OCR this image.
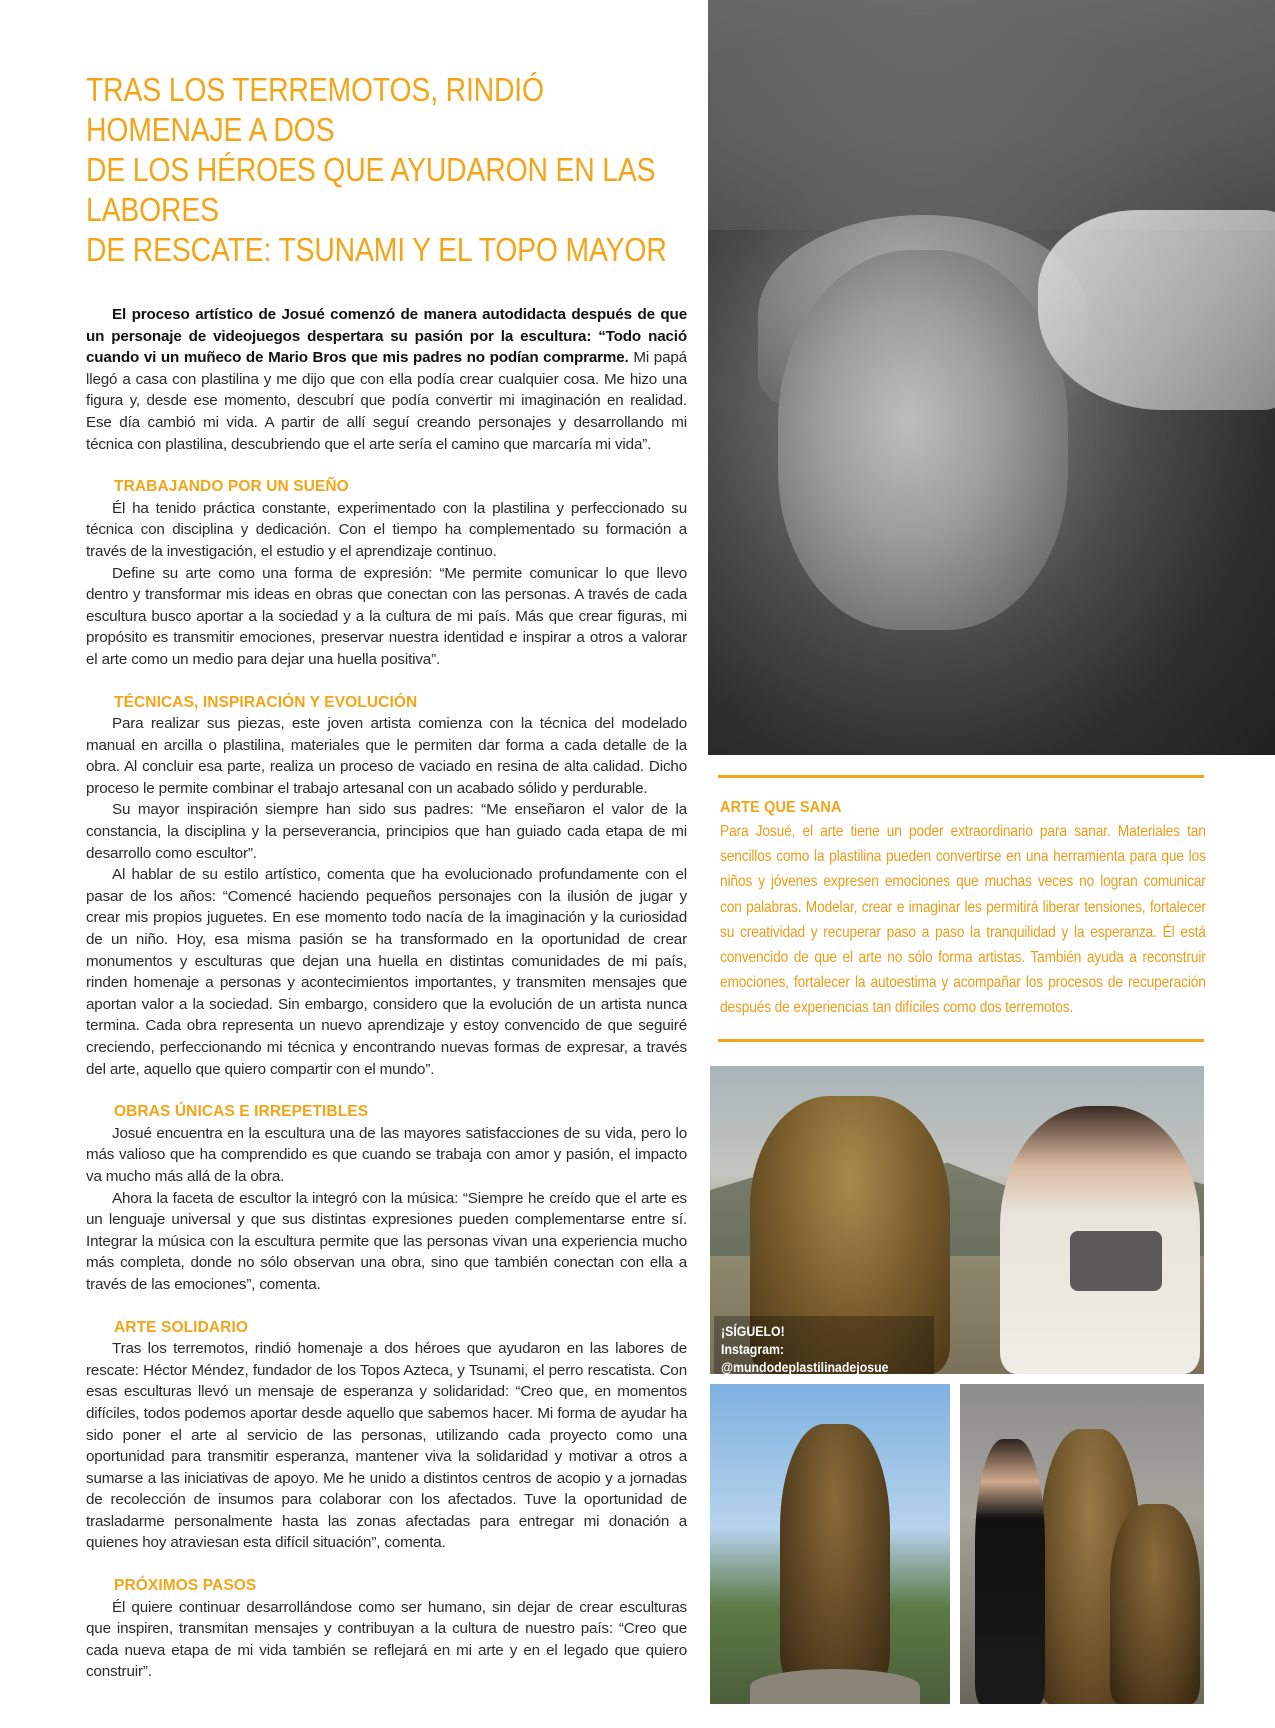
TRAS LOS TERREMOTOS, RINDIÓ HOMENAJE A DOS
DE LOS HÉROES QUE AYUDARON EN LAS LABORES
DE RESCATE: TSUNAMI Y EL TOPO MAYOR

El proceso artístico de Josué comenzó de manera autodidacta después de que un personaje de videojuegos despertara su pasión por la escultura: “Todo nació cuando vi un muñeco de Mario Bros que mis padres no podían comprarme. Mi papá llegó a casa con plastilina y me dijo que con ella podía crear cualquier cosa. Me hizo una figura y, desde ese momento, descubrí que podía convertir mi imaginación en realidad. Ese día cambió mi vida. A partir de allí seguí creando personajes y desarrollando mi técnica con plastilina, descubriendo que el arte sería el camino que marcaría mi vida”.

TRABAJANDO POR UN SUEÑO

Él ha tenido práctica constante, experimentado con la plastilina y perfeccionado su técnica con disciplina y dedicación. Con el tiempo ha complementado su formación a través de la investigación, el estudio y el aprendizaje continuo.

Define su arte como una forma de expresión: “Me permite comunicar lo que llevo dentro y transformar mis ideas en obras que conectan con las personas. A través de cada escultura busco aportar a la sociedad y a la cultura de mi país. Más que crear figuras, mi propósito es transmitir emociones, preservar nuestra identidad e inspirar a otros a valorar el arte como un medio para dejar una huella positiva”.

TÉCNICAS, INSPIRACIÓN Y EVOLUCIÓN

Para realizar sus piezas, este joven artista comienza con la técnica del modelado manual en arcilla o plastilina, materiales que le permiten dar forma a cada detalle de la obra. Al concluir esa parte, realiza un proceso de vaciado en resina de alta calidad. Dicho proceso le permite combinar el trabajo artesanal con un acabado sólido y perdurable.

Su mayor inspiración siempre han sido sus padres: “Me enseñaron el valor de la constancia, la disciplina y la perseverancia, principios que han guiado cada etapa de mi desarrollo como escultor”.

Al hablar de su estilo artístico, comenta que ha evolucionado profundamente con el pasar de los años: “Comencé haciendo pequeños personajes con la ilusión de jugar y crear mis propios juguetes. En ese momento todo nacía de la imaginación y la curiosidad de un niño. Hoy, esa misma pasión se ha transformado en la oportunidad de crear monumentos y esculturas que dejan una huella en distintas comunidades de mi país, rinden homenaje a personas y acontecimientos importantes, y transmiten mensajes que aportan valor a la sociedad. Sin embargo, considero que la evolución de un artista nunca termina. Cada obra representa un nuevo aprendizaje y estoy convencido de que seguiré creciendo, perfeccionando mi técnica y encontrando nuevas formas de expresar, a través del arte, aquello que quiero compartir con el mundo”.

OBRAS ÚNICAS E IRREPETIBLES

Josué encuentra en la escultura una de las mayores satisfacciones de su vida, pero lo más valioso que ha comprendido es que cuando se trabaja con amor y pasión, el impacto va mucho más allá de la obra.

Ahora la faceta de escultor la integró con la música: “Siempre he creído que el arte es un lenguaje universal y que sus distintas expresiones pueden complementarse entre sí. Integrar la música con la escultura permite que las personas vivan una experiencia mucho más completa, donde no sólo observan una obra, sino que también conectan con ella a través de las emociones”, comenta.

ARTE SOLIDARIO

Tras los terremotos, rindió homenaje a dos héroes que ayudaron en las labores de rescate: Héctor Méndez, fundador de los Topos Azteca, y Tsunami, el perro rescatista. Con esas esculturas llevó un mensaje de esperanza y solidaridad: “Creo que, en momentos difíciles, todos podemos aportar desde aquello que sabemos hacer. Mi forma de ayudar ha sido poner el arte al servicio de las personas, utilizando cada proyecto como una oportunidad para transmitir esperanza, mantener viva la solidaridad y motivar a otros a sumarse a las iniciativas de apoyo. Me he unido a distintos centros de acopio y a jornadas de recolección de insumos para colaborar con los afectados. Tuve la oportunidad de trasladarme personalmente hasta las zonas afectadas para entregar mi donación a quienes hoy atraviesan esta difícil situación”, comenta.

PRÓXIMOS PASOS

Él quiere continuar desarrollándose como ser humano, sin dejar de crear esculturas que inspiren, transmitan mensajes y contribuyan a la cultura de nuestro país: “Creo que cada nueva etapa de mi vida también se reflejará en mi arte y en el legado que quiero construir”.

ARTE QUE SANA
Para Josué, el arte tiene un poder extraordinario para sanar. Materiales tan sencillos como la plastilina pueden convertirse en una herramienta para que los niños y jóvenes expresen emociones que muchas veces no logran comunicar con palabras. Modelar, crear e imaginar les permitirá liberar tensiones, fortalecer su creatividad y recuperar paso a paso la tranquilidad y la esperanza. Él está convencido de que el arte no sólo forma artistas. También ayuda a reconstruir emociones, fortalecer la autoestima y acompañar los procesos de recuperación después de experiencias tan difíciles como dos terremotos.
¡SÍGUELO!
Instagram: @mundodeplastilinadejosue
